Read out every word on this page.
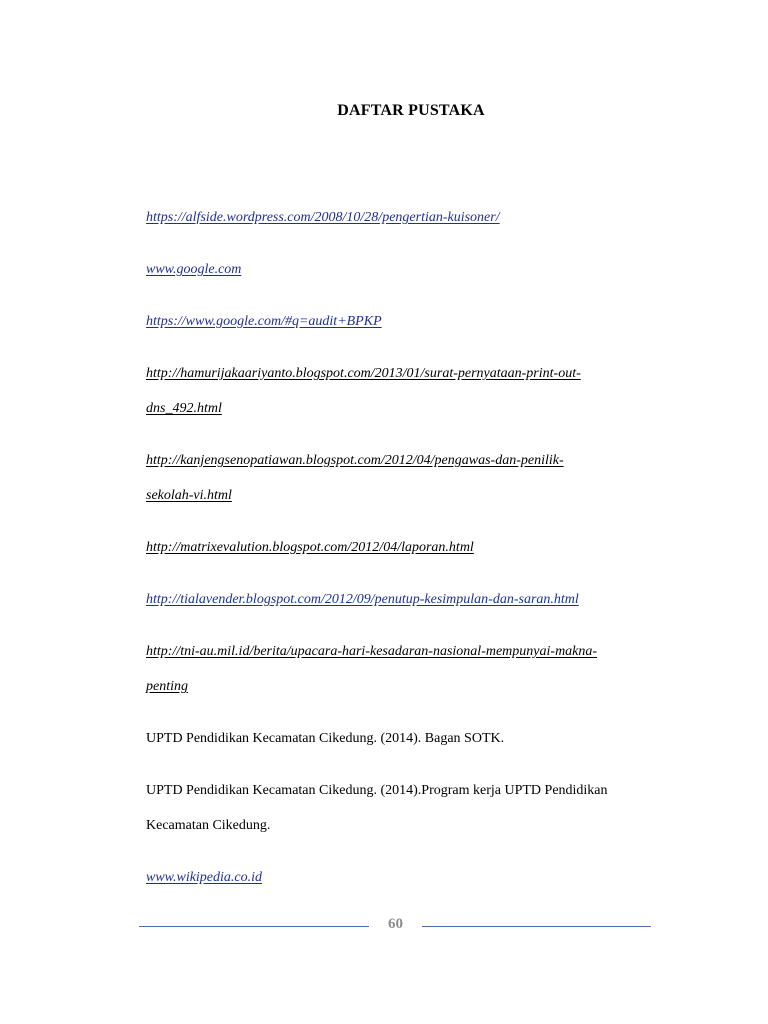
DAFTAR PUSTAKA
https://alfside.wordpress.com/2008/10/28/pengertian-kuisoner/
www.google.com
https://www.google.com/#q=audit+BPKP
http://hamurijakaariyanto.blogspot.com/2013/01/surat-pernyataan-print-out-
dns_492.html
http://kanjengsenopatiawan.blogspot.com/2012/04/pengawas-dan-penilik-
sekolah-vi.html
http://matrixevalution.blogspot.com/2012/04/laporan.html
http://tialavender.blogspot.com/2012/09/penutup-kesimpulan-dan-saran.html
http://tni-au.mil.id/berita/upacara-hari-kesadaran-nasional-mempunyai-makna-
penting
UPTD Pendidikan Kecamatan Cikedung. (2014). Bagan SOTK.
UPTD Pendidikan Kecamatan Cikedung. (2014).Program kerja UPTD Pendidikan
Kecamatan Cikedung.
www.wikipedia.co.id
60
